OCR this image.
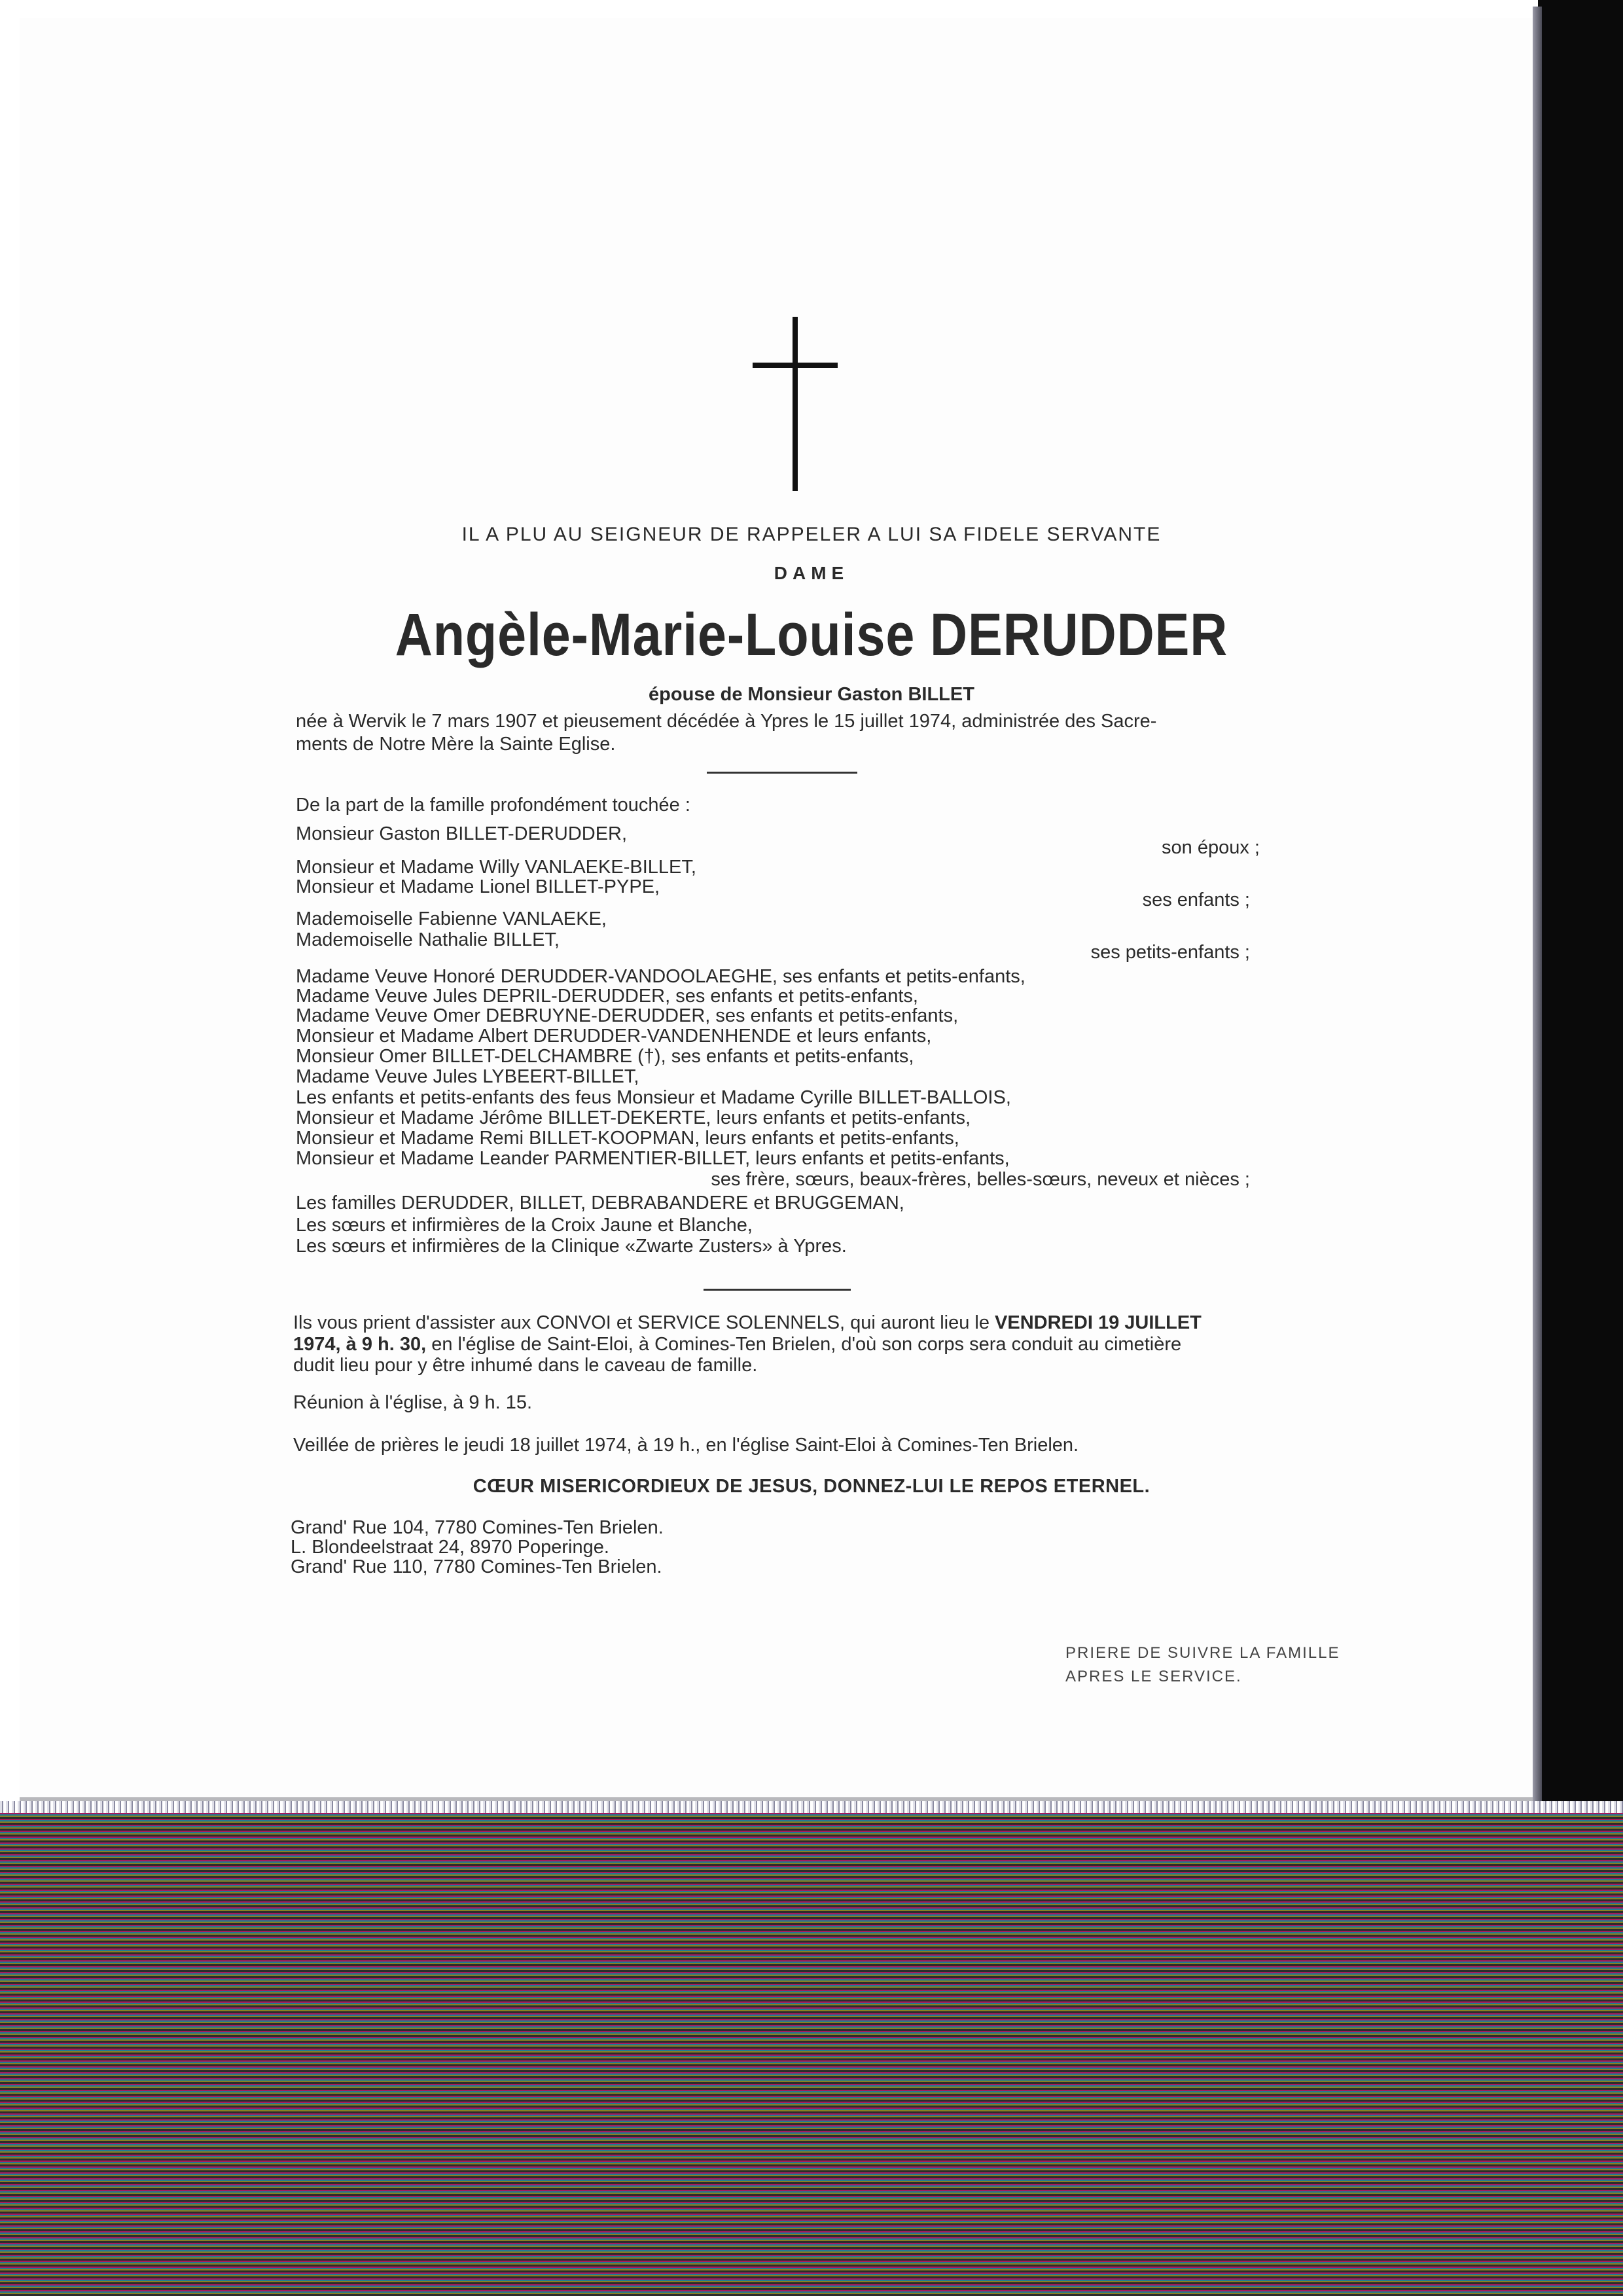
IL A PLU AU SEIGNEUR DE RAPPELER A LUI SA FIDELE SERVANTE
DAME
Angèle-Marie-Louise DERUDDER
épouse de Monsieur Gaston BILLET
née à Wervik le 7 mars 1907 et pieusement décédée à Ypres le 15 juillet 1974, administrée des Sacre-
ments de Notre Mère la Sainte Eglise.
De la part de la famille profondément touchée :
Monsieur Gaston BILLET-DERUDDER,
son époux ;
Monsieur et Madame Willy VANLAEKE-BILLET,
Monsieur et Madame Lionel BILLET-PYPE,
ses enfants ;
Mademoiselle Fabienne VANLAEKE,
Mademoiselle Nathalie BILLET,
ses petits-enfants ;
Madame Veuve Honoré DERUDDER-VANDOOLAEGHE, ses enfants et petits-enfants,
Madame Veuve Jules DEPRIL-DERUDDER, ses enfants et petits-enfants,
Madame Veuve Omer DEBRUYNE-DERUDDER, ses enfants et petits-enfants,
Monsieur et Madame Albert DERUDDER-VANDENHENDE et leurs enfants,
Monsieur Omer BILLET-DELCHAMBRE (†), ses enfants et petits-enfants,
Madame Veuve Jules LYBEERT-BILLET,
Les enfants et petits-enfants des feus Monsieur et Madame Cyrille BILLET-BALLOIS,
Monsieur et Madame Jérôme BILLET-DEKERTE, leurs enfants et petits-enfants,
Monsieur et Madame Remi BILLET-KOOPMAN, leurs enfants et petits-enfants,
Monsieur et Madame Leander PARMENTIER-BILLET, leurs enfants et petits-enfants,
ses frère, sœurs, beaux-frères, belles-sœurs, neveux et nièces ;
Les familles DERUDDER, BILLET, DEBRABANDERE et BRUGGEMAN,
Les sœurs et infirmières de la Croix Jaune et Blanche,
Les sœurs et infirmières de la Clinique «Zwarte Zusters» à Ypres.
Ils vous prient d'assister aux CONVOI et SERVICE SOLENNELS, qui auront lieu le VENDREDI 19 JUILLET
1974, à 9 h. 30, en l'église de Saint-Eloi, à Comines-Ten Brielen, d'où son corps sera conduit au cimetière
dudit lieu pour y être inhumé dans le caveau de famille.
Réunion à l'église, à 9 h. 15.
Veillée de prières le jeudi 18 juillet 1974, à 19 h., en l'église Saint-Eloi à Comines-Ten Brielen.
CŒUR MISERICORDIEUX DE JESUS, DONNEZ-LUI LE REPOS ETERNEL.
Grand' Rue 104, 7780 Comines-Ten Brielen.
L. Blondeelstraat 24, 8970 Poperinge.
Grand' Rue 110, 7780 Comines-Ten Brielen.
PRIERE DE SUIVRE LA FAMILLE
APRES LE SERVICE.
